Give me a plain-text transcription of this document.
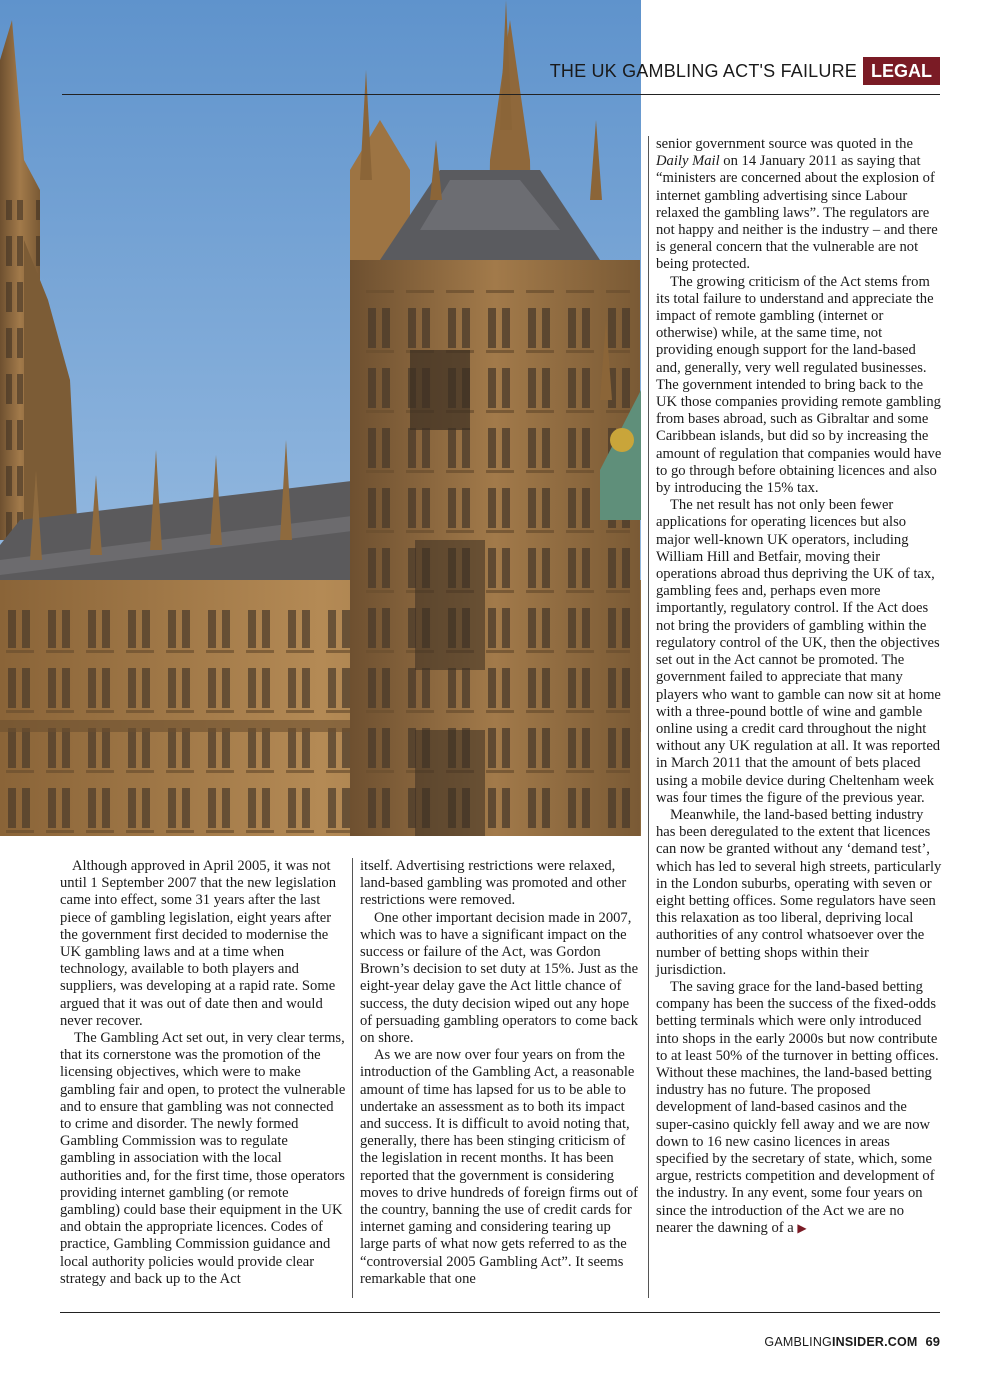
THE UK GAMBLING ACT'S FAILURE LEGAL

senior government source was quoted in the Daily Mail on 14 January 2011 as saying that “ministers are concerned about the explosion of internet gambling advertising since Labour relaxed the gambling laws”. The regulators are not happy and neither is the industry – and there is general concern that the vulnerable are not being protected.

The growing criticism of the Act stems from its total failure to understand and appreciate the impact of remote gambling (internet or otherwise) while, at the same time, not providing enough support for the land-based and, generally, very well regulated businesses. The government intended to bring back to the UK those companies providing remote gambling from bases abroad, such as Gibraltar and some Caribbean islands, but did so by increasing the amount of regulation that companies would have to go through before obtaining licences and also by introducing the 15% tax.

The net result has not only been fewer applications for operating licences but also major well-known UK operators, including William Hill and Betfair, moving their operations abroad thus depriving the UK of tax, gambling fees and, perhaps even more importantly, regulatory control. If the Act does not bring the providers of gambling within the regulatory control of the UK, then the objectives set out in the Act cannot be promoted. The government failed to appreciate that many players who want to gamble can now sit at home with a three-pound bottle of wine and gamble online using a credit card throughout the night without any UK regulation at all. It was reported in March 2011 that the amount of bets placed using a mobile device during Cheltenham week was four times the figure of the previous year.

Meanwhile, the land-based betting industry has been deregulated to the extent that licences can now be granted without any ‘demand test’, which has led to several high streets, particularly in the London suburbs, operating with seven or eight betting offices. Some regulators have seen this relaxation as too liberal, depriving local authorities of any control whatsoever over the number of betting shops within their jurisdiction.

The saving grace for the land-based betting company has been the success of the fixed-odds betting terminals which were only introduced into shops in the early 2000s but now contribute to at least 50% of the turnover in betting offices. Without these machines, the land-based betting industry has no future. The proposed development of land-based casinos and the super-casino quickly fell away and we are now down to 16 new casino licences in areas specified by the secretary of state, which, some argue, restricts competition and development of the industry. In any event, some four years on since the introduction of the Act we are no nearer the dawning of a ▶

Although approved in April 2005, it was not until 1 September 2007 that the new legislation came into effect, some 31 years after the last piece of gambling legislation, eight years after the government first decided to modernise the UK gambling laws and at a time when technology, available to both players and suppliers, was developing at a rapid rate. Some argued that it was out of date then and would never recover.

The Gambling Act set out, in very clear terms, that its cornerstone was the promotion of the licensing objectives, which were to make gambling fair and open, to protect the vulnerable and to ensure that gambling was not connected to crime and disorder. The newly formed Gambling Commission was to regulate gambling in association with the local authorities and, for the first time, those operators providing internet gambling (or remote gambling) could base their equipment in the UK and obtain the appropriate licences. Codes of practice, Gambling Commission guidance and local authority policies would provide clear strategy and back up to the Act

itself. Advertising restrictions were relaxed, land-based gambling was promoted and other restrictions were removed.

One other important decision made in 2007, which was to have a significant impact on the success or failure of the Act, was Gordon Brown’s decision to set duty at 15%. Just as the eight-year delay gave the Act little chance of success, the duty decision wiped out any hope of persuading gambling operators to come back on shore.

As we are now over four years on from the introduction of the Gambling Act, a reasonable amount of time has lapsed for us to be able to undertake an assessment as to both its impact and success. It is difficult to avoid noting that, generally, there has been stinging criticism of the legislation in recent months. It has been reported that the government is considering moves to drive hundreds of foreign firms out of the country, banning the use of credit cards for internet gaming and considering tearing up large parts of what now gets referred to as the “controversial 2005 Gambling Act”. It seems remarkable that one

GAMBLING INSIDER.COM 69
